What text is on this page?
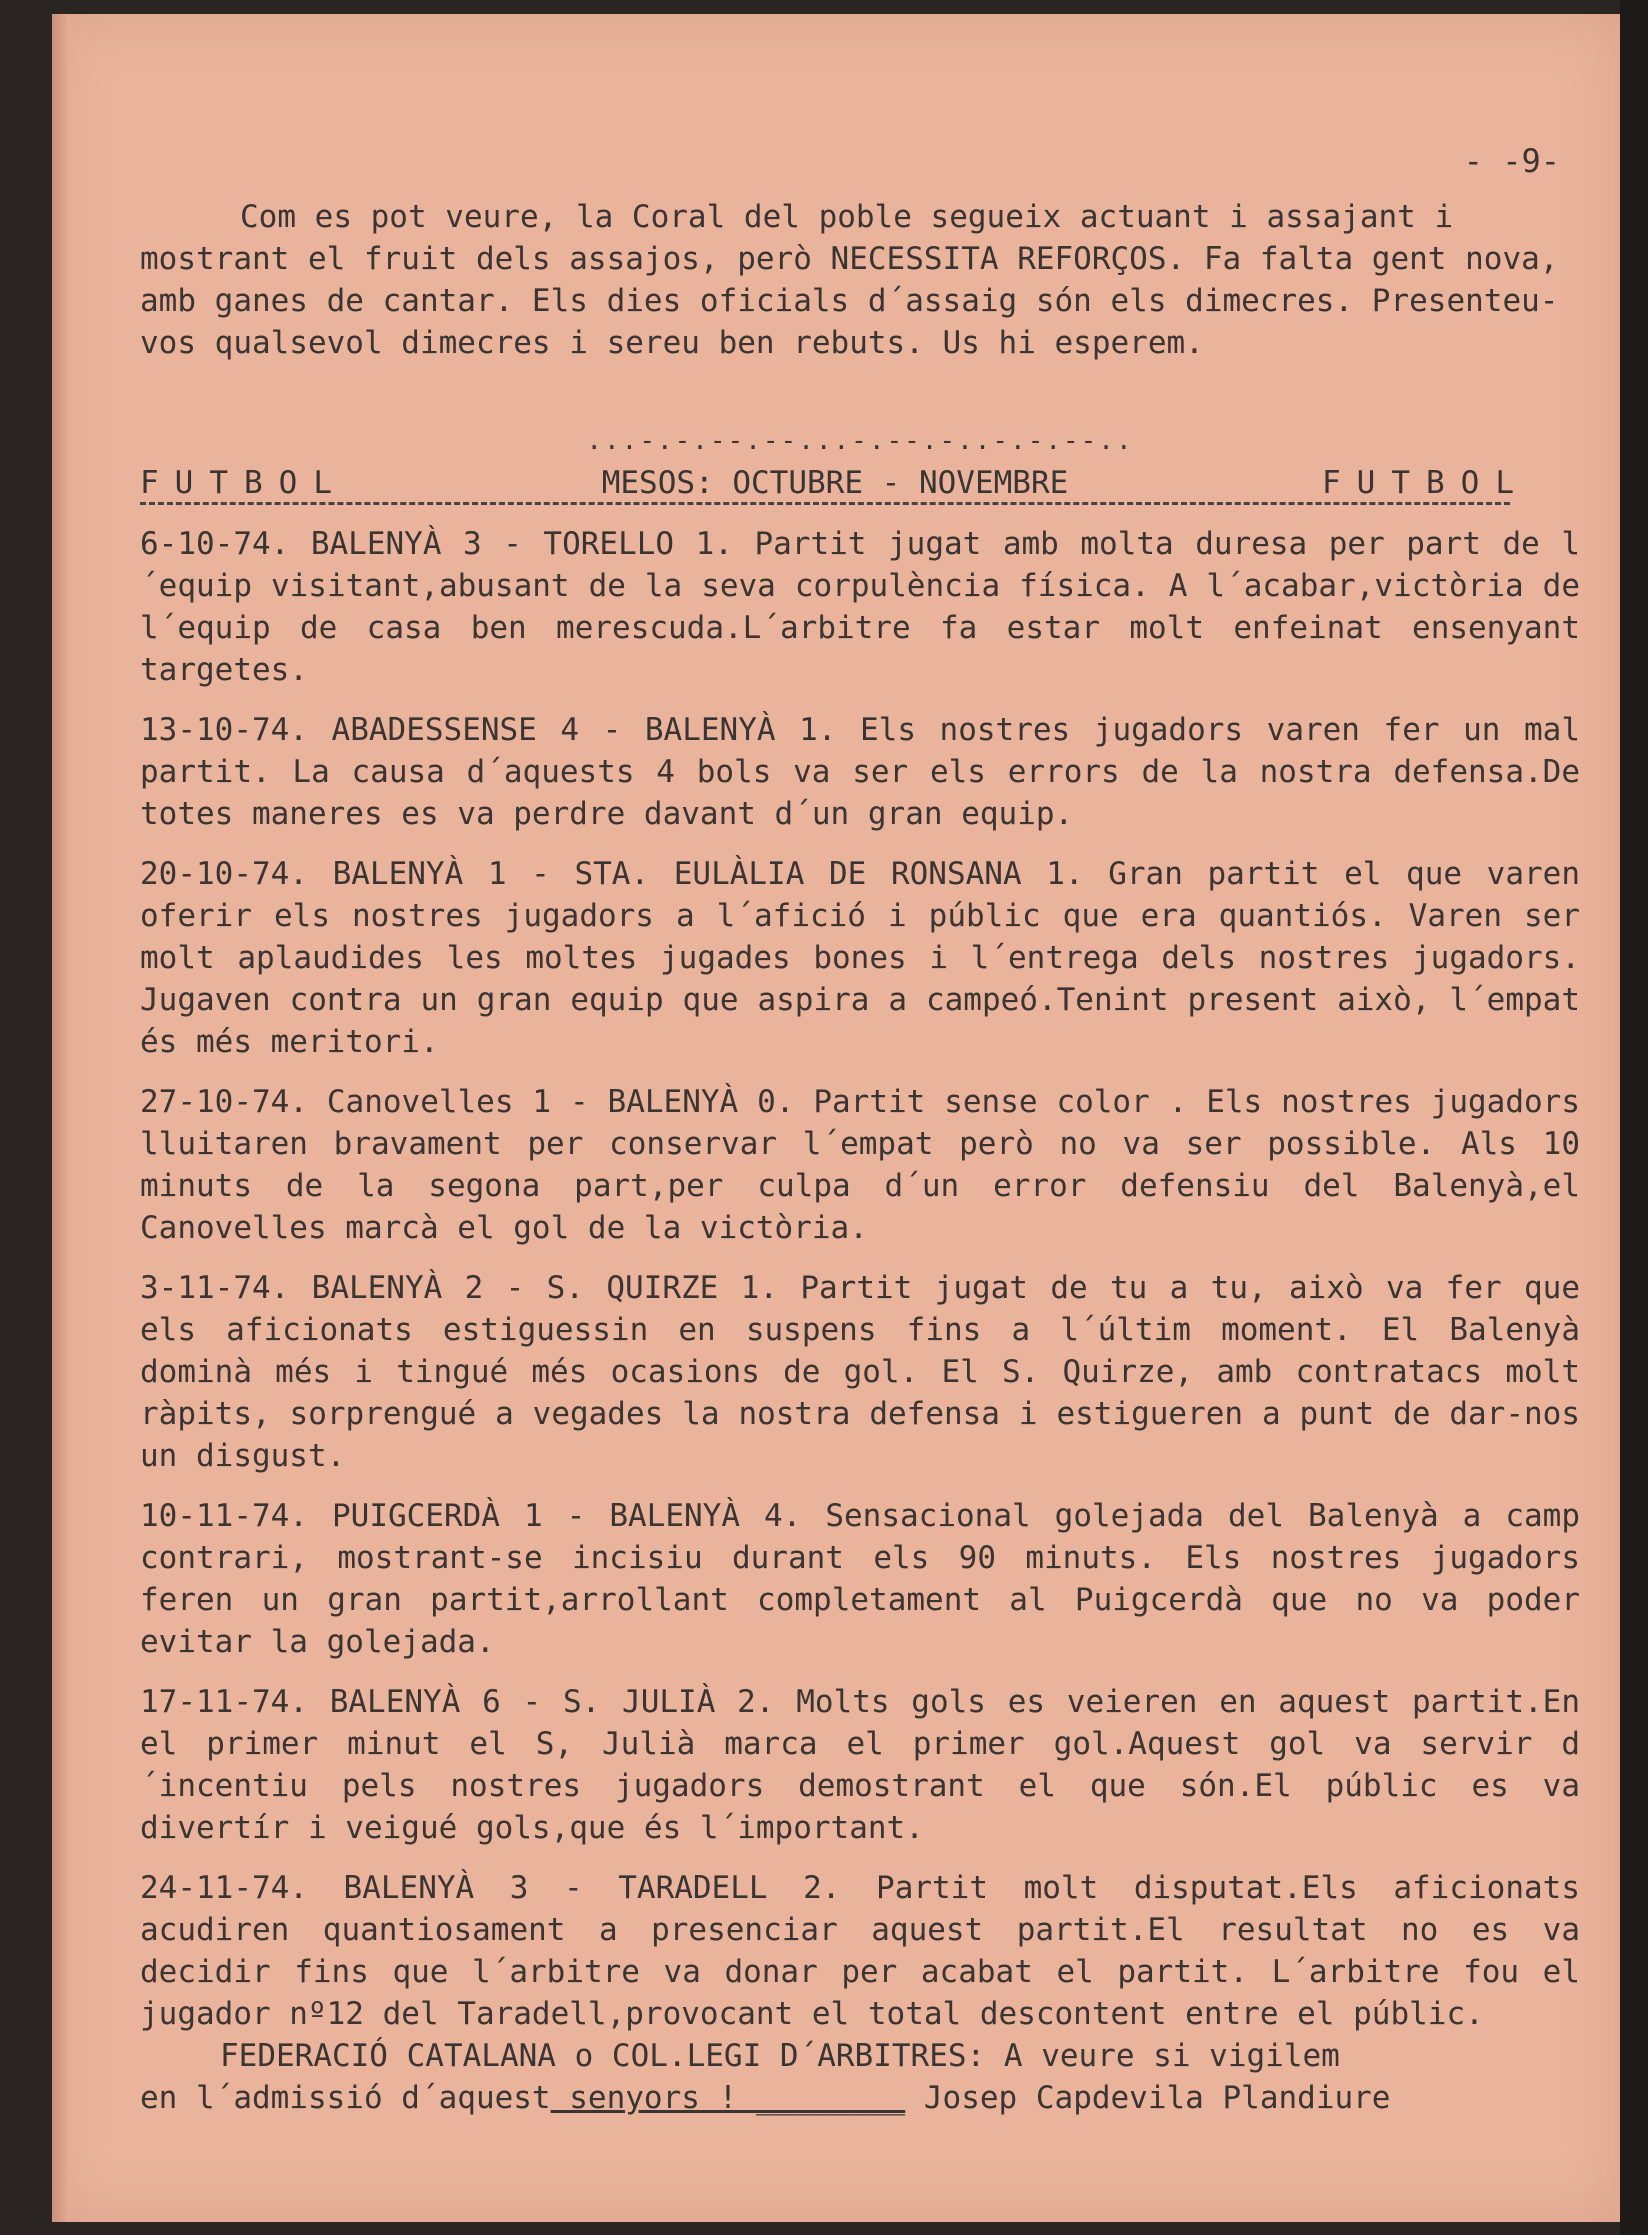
- -9-

Com es pot veure, la Coral del poble segueix actuant i assajant i mostrant el fruit dels assajos, però NECESSITA REFORÇOS. Fa falta gent nova, amb ganes de cantar. Els dies oficials d´assaig són els dimecres. Presenteu-vos qualsevol dimecres i sereu ben rebuts. Us hi esperem.

...-.-.--.--...-.--.-..-.-.--..
FUTBOL	MESOS: OCTUBRE - NOVEMBRE	FUTBOL

6-10-74. BALENYÀ 3 - TORELLO 1. Partit jugat amb molta duresa per part de l´equip visitant,abusant de la seva corpulència física. A l´acabar,victòria de l´equip de casa ben merescuda.L´arbitre fa estar molt enfeinat ensenyant targetes.

13-10-74. ABADESSENSE 4 - BALENYÀ 1. Els nostres jugadors varen fer un mal partit. La causa d´aquests 4 bols va ser els errors de la nostra defensa.De totes maneres es va perdre davant d´un gran equip.

20-10-74. BALENYÀ 1 - STA. EULÀLIA DE RONSANA 1. Gran partit el que varen oferir els nostres jugadors a l´afició i públic que era quantiós. Varen ser molt aplaudides les moltes jugades bones i l´entrega dels nostres jugadors. Jugaven contra un gran equip que aspira a campeó.Tenint present això, l´empat és més meritori.

27-10-74. Canovelles 1 - BALENYÀ 0. Partit sense color . Els nostres jugadors lluitaren bravament per conservar l´empat però no va ser possible. Als 10 minuts de la segona part,per culpa d´un error defensiu del Balenyà,el Canovelles marcà el gol de la victòria.

3-11-74. BALENYÀ 2 - S. QUIRZE 1. Partit jugat de tu a tu, això va fer que els aficionats estiguessin en suspens fins a l´últim moment. El Balenyà dominà més i tingué més ocasions de gol. El S. Quirze, amb contratacs molt ràpits, sorprengué a vegades la nostra defensa i estigueren a punt de dar-nos un disgust.

10-11-74. PUIGCERDÀ 1 - BALENYÀ 4. Sensacional golejada del Balenyà a camp contrari, mostrant-se incisiu durant els 90 minuts. Els nostres jugadors feren un gran partit,arrollant completament al Puigcerdà que no va poder evitar la golejada.

17-11-74. BALENYÀ 6 - S. JULIÀ 2. Molts gols es veieren en aquest partit.En el primer minut el S, Julià marca el primer gol.Aquest gol va servir d´incentiu pels nostres jugadors demostrant el que són.El públic es va divertír i veigué gols,que és l´important.

24-11-74. BALENYÀ 3 - TARADELL 2. Partit molt disputat.Els aficionats acudiren quantiosament a presenciar aquest partit.El resultat no es va decidir fins que l´arbitre va donar per acabat el partit. L´arbitre fou el jugador nº12 del Taradell,provocant el total descontent entre el públic.

FEDERACIÓ CATALANA o COL.LEGI D´ARBITRES: A veure si vigilem

en l´admissió d´aquest senyors ! ________ Josep Capdevila Plandiure
